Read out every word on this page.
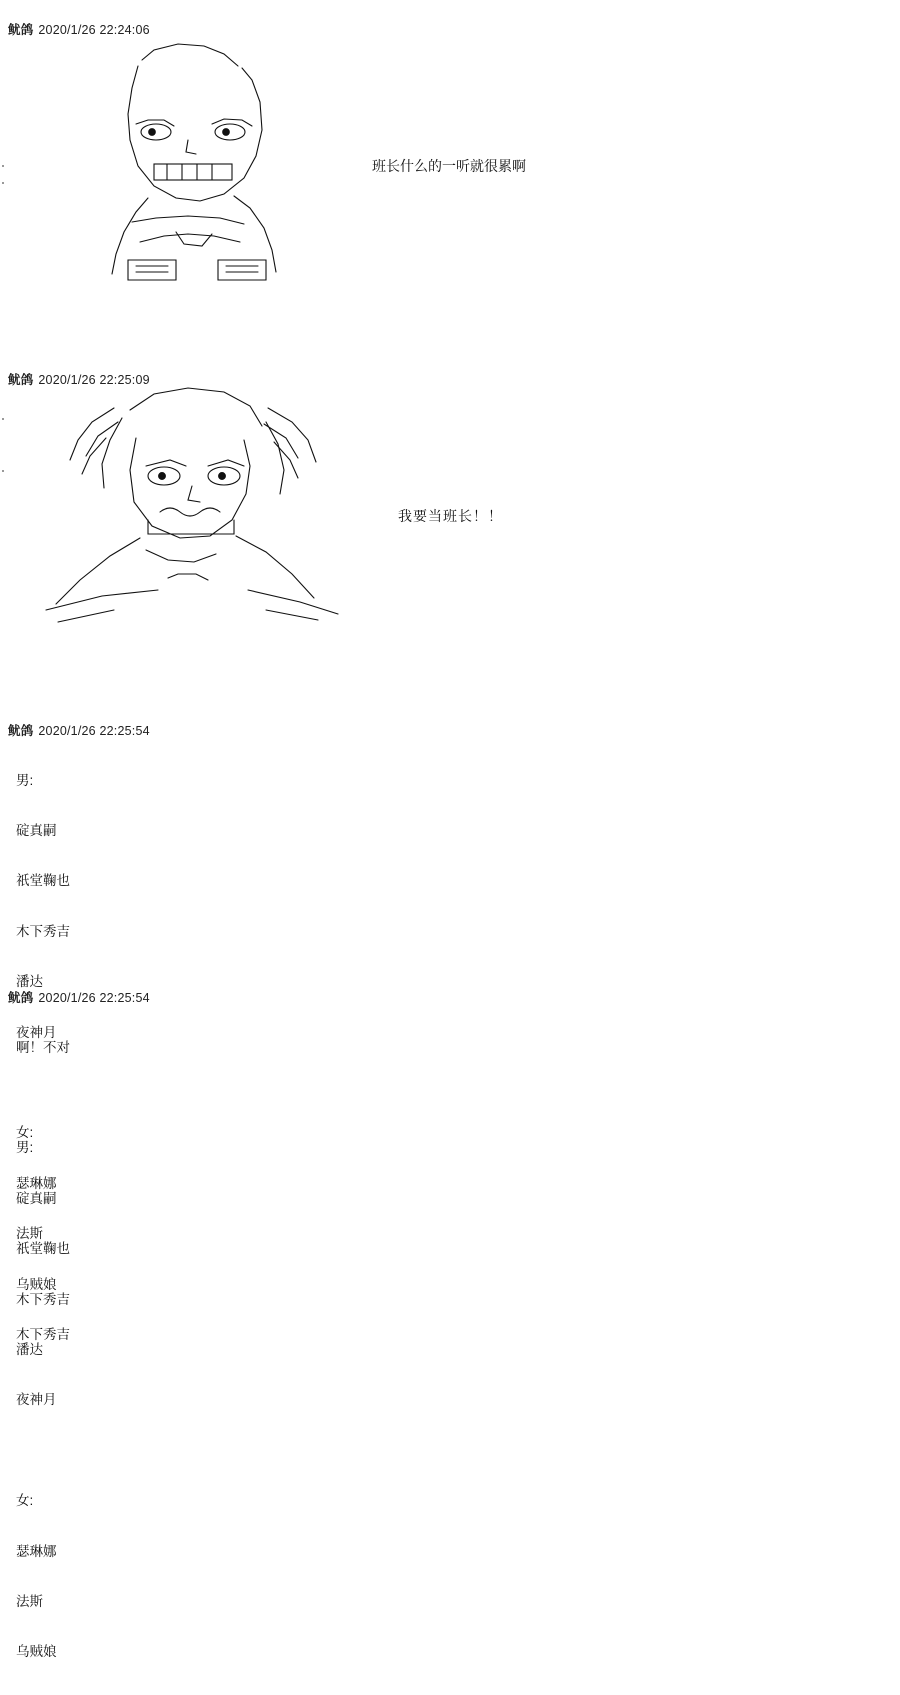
鱿鸽 2020/1/26 22:24:06
班长什么的一听就很累啊
鱿鸽 2020/1/26 22:25:09
我要当班长！！
鱿鸽 2020/1/26 22:25:54

男:

碇真嗣

祇堂鞠也

木下秀吉

潘达

夜神月

女:

瑟琳娜

法斯

乌贼娘

木下秀吉

鱿鸽 2020/1/26 22:25:54

啊！不对

男:

碇真嗣

祇堂鞠也

木下秀吉

潘达

夜神月

女:

瑟琳娜

法斯

乌贼娘
